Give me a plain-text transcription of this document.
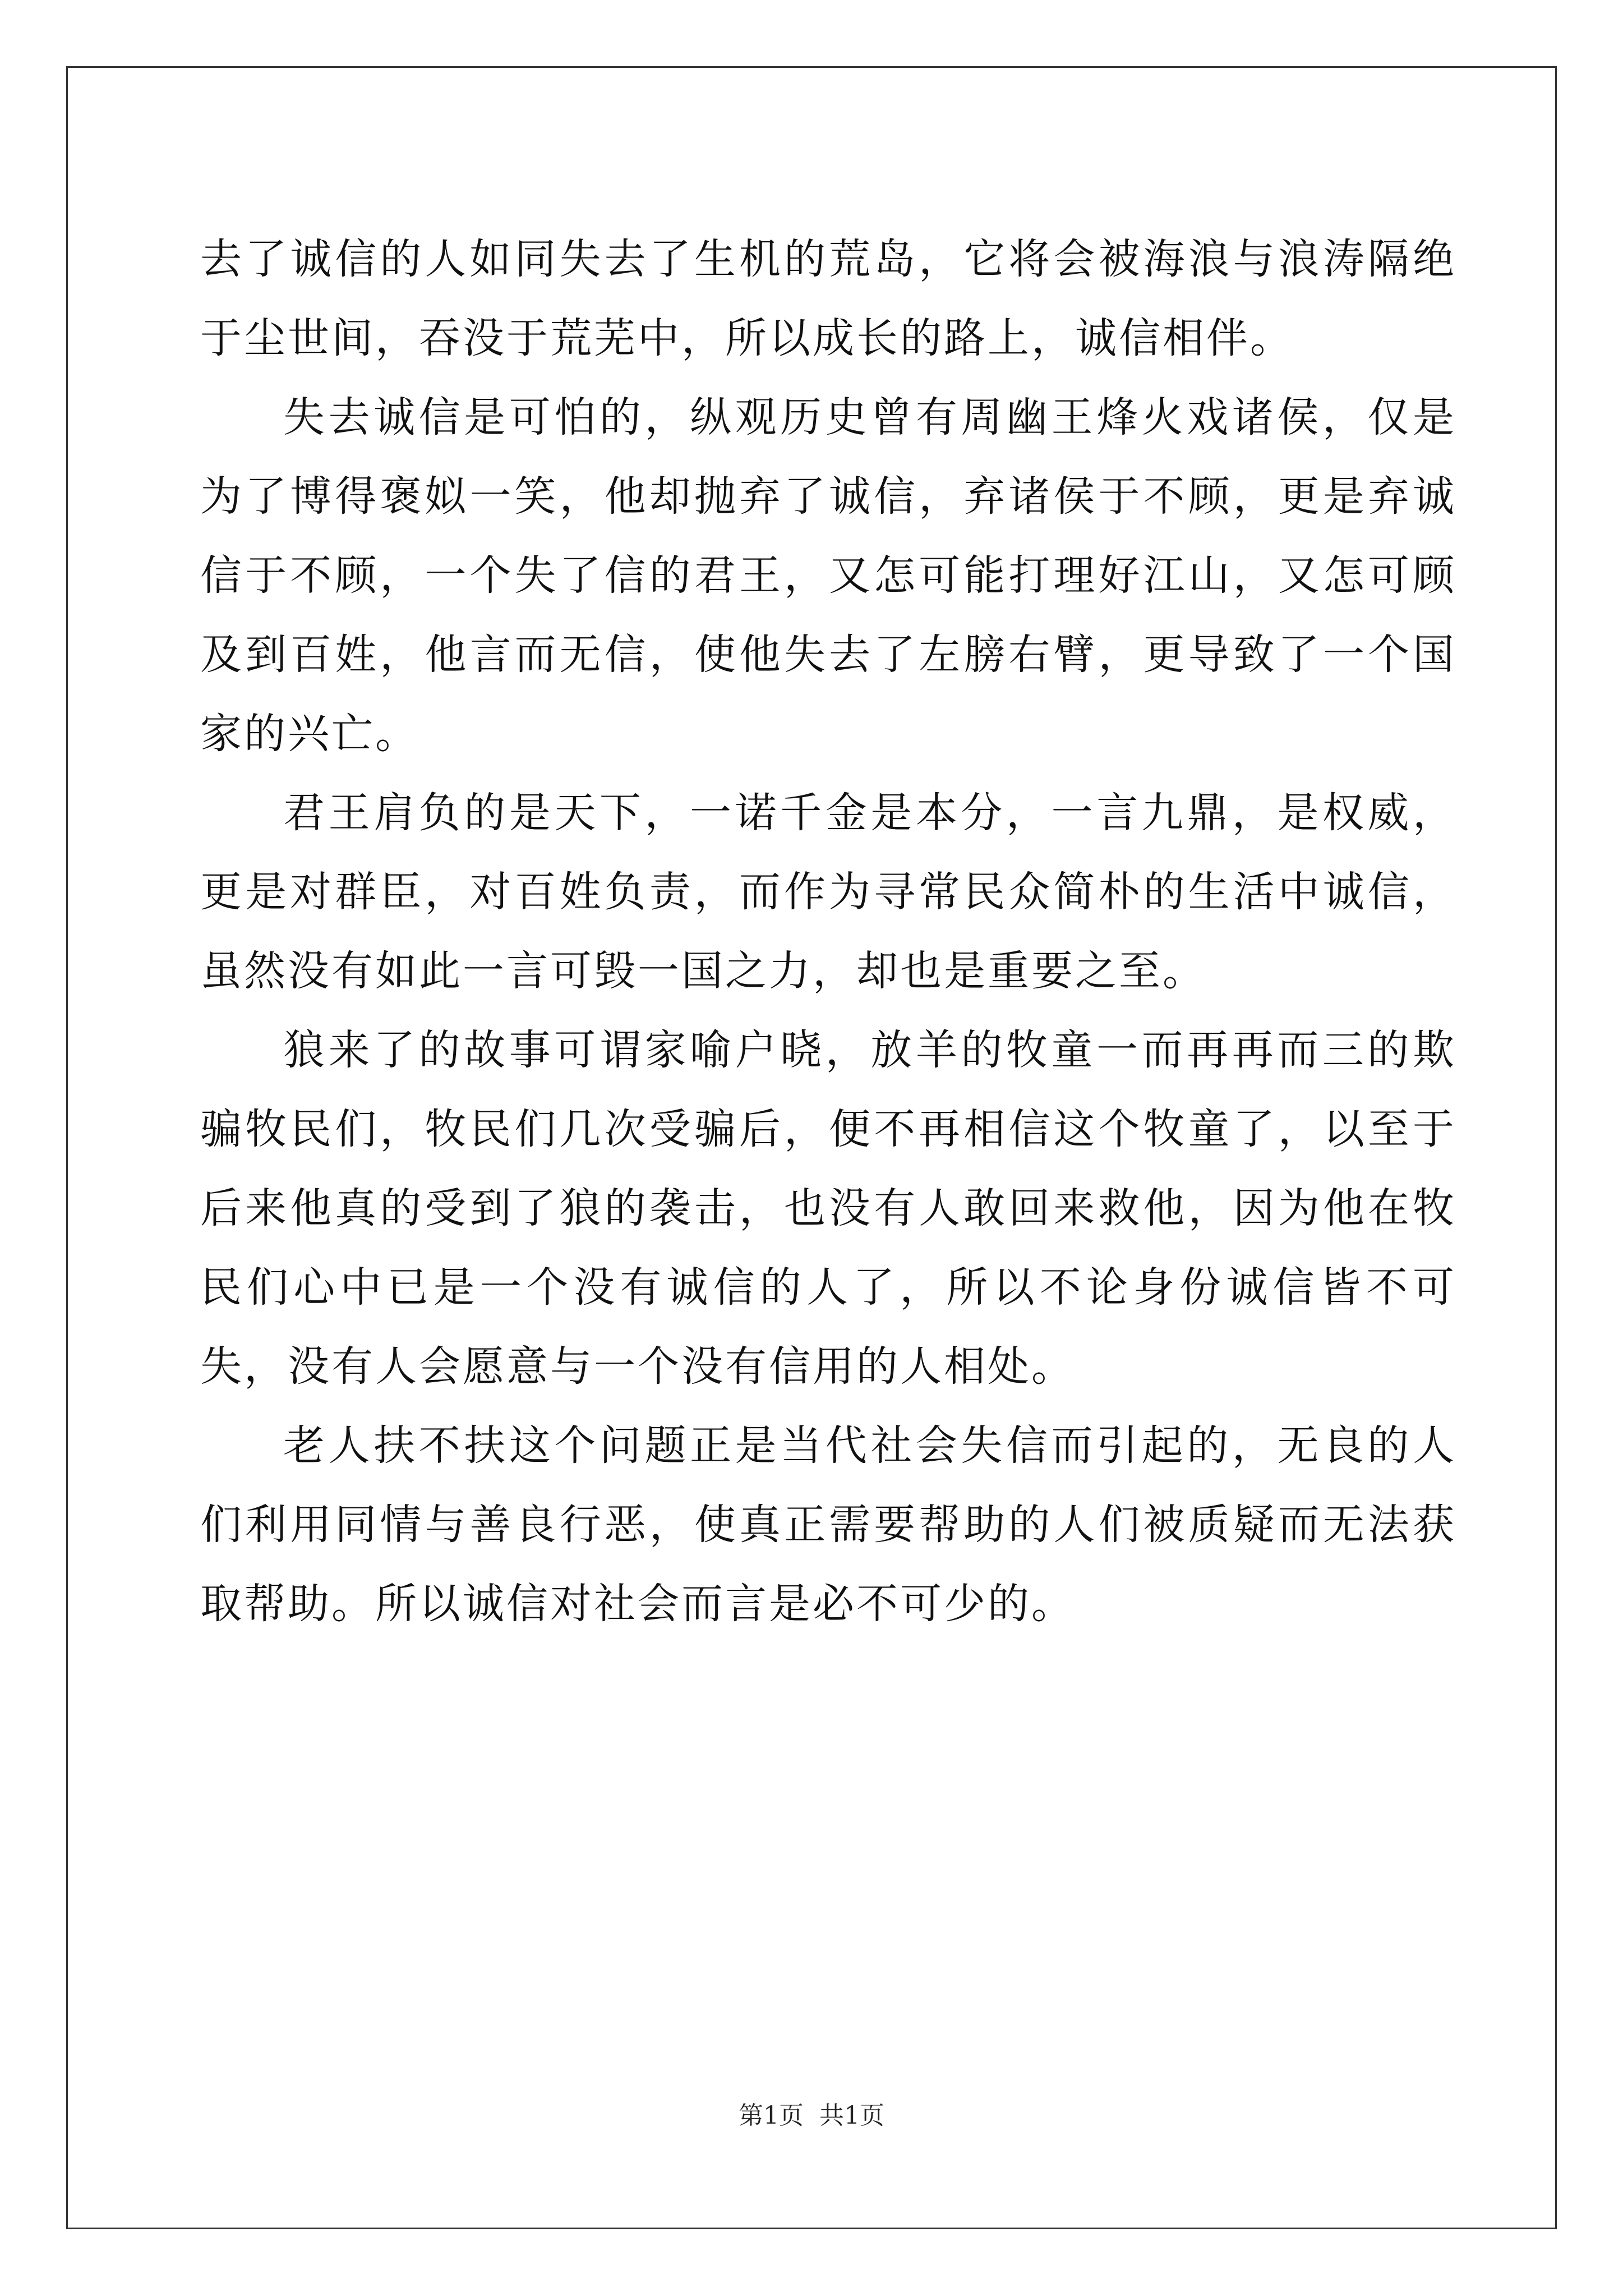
去了诚信的人如同失去了生机的荒岛，它将会被海浪与浪涛隔绝于尘世间，吞没于荒芜中，所以成长的路上，诚信相伴。

失去诚信是可怕的，纵观历史曾有周幽王烽火戏诸侯，仅是为了博得褒姒一笑，他却抛弃了诚信，弃诸侯于不顾，更是弃诚信于不顾，一个失了信的君王，又怎可能打理好江山，又怎可顾及到百姓，他言而无信，使他失去了左膀右臂，更导致了一个国家的兴亡。

君王肩负的是天下，一诺千金是本分，一言九鼎，是权威，更是对群臣，对百姓负责，而作为寻常民众简朴的生活中诚信，虽然没有如此一言可毁一国之力，却也是重要之至。

狼来了的故事可谓家喻户晓，放羊的牧童一而再再而三的欺骗牧民们，牧民们几次受骗后，便不再相信这个牧童了，以至于后来他真的受到了狼的袭击，也没有人敢回来救他，因为他在牧民们心中已是一个没有诚信的人了，所以不论身份诚信皆不可失，没有人会愿意与一个没有信用的人相处。

老人扶不扶这个问题正是当代社会失信而引起的，无良的人们利用同情与善良行恶，使真正需要帮助的人们被质疑而无法获取帮助。所以诚信对社会而言是必不可少的。

第1页 共1页
